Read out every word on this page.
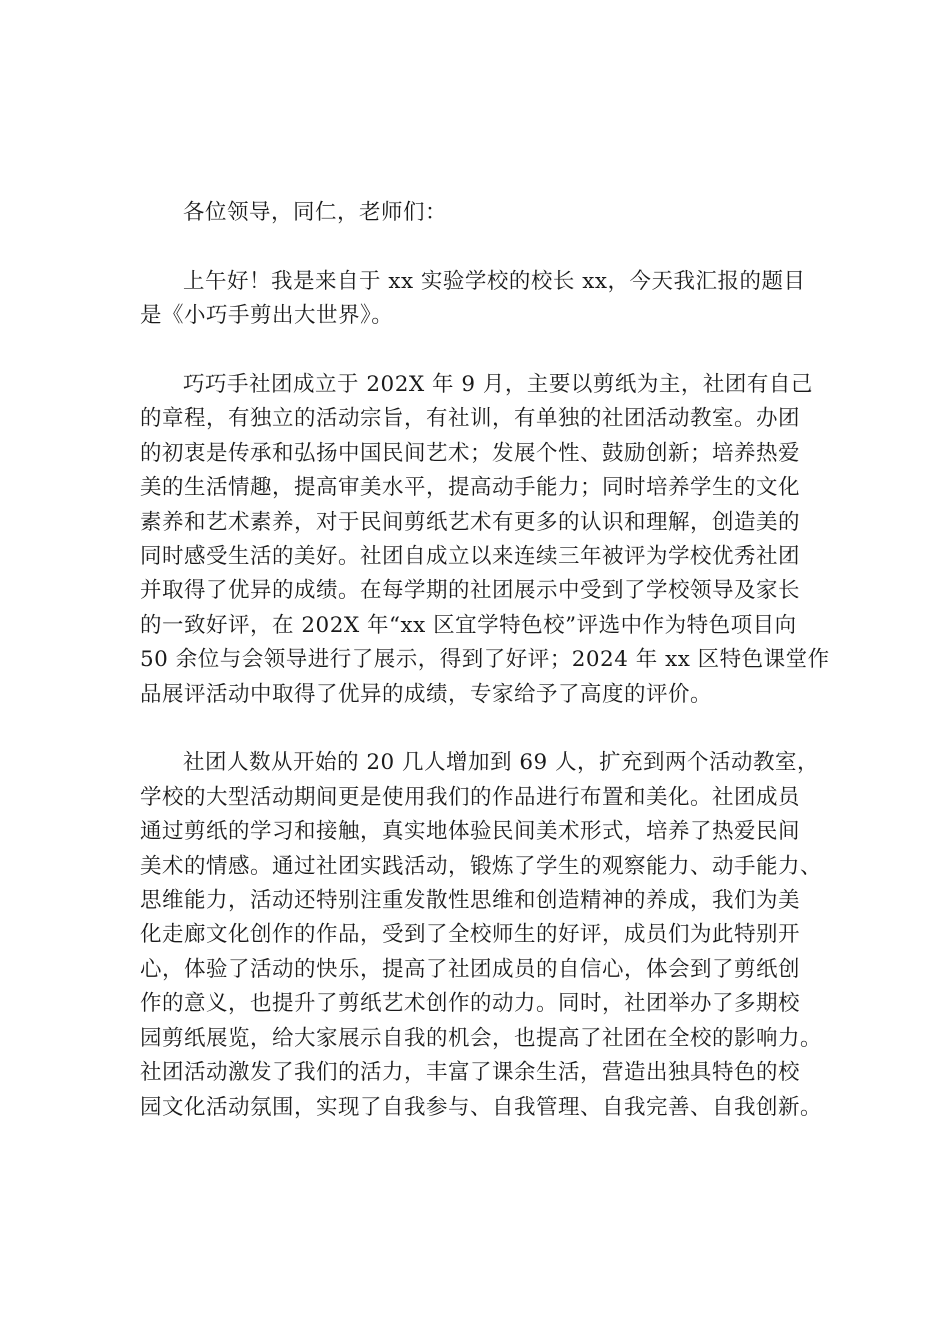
各位领导，同仁，老师们：

上午好！我是来自于 xx 实验学校的校长 xx，今天我汇报的题目
是《小巧手剪出大世界》。

巧巧手社团成立于 202X 年 9 月，主要以剪纸为主，社团有自己
的章程，有独立的活动宗旨，有社训，有单独的社团活动教室。办团
的初衷是传承和弘扬中国民间艺术；发展个性、鼓励创新；培养热爱
美的生活情趣，提高审美水平，提高动手能力；同时培养学生的文化
素养和艺术素养，对于民间剪纸艺术有更多的认识和理解，创造美的
同时感受生活的美好。社团自成立以来连续三年被评为学校优秀社团
并取得了优异的成绩。在每学期的社团展示中受到了学校领导及家长
的一致好评，在 202X 年“xx 区宜学特色校”评选中作为特色项目向
50 余位与会领导进行了展示，得到了好评；2024 年 xx 区特色课堂作
品展评活动中取得了优异的成绩，专家给予了高度的评价。

社团人数从开始的 20 几人增加到 69 人，扩充到两个活动教室，
学校的大型活动期间更是使用我们的作品进行布置和美化。社团成员
通过剪纸的学习和接触，真实地体验民间美术形式，培养了热爱民间
美术的情感。通过社团实践活动，锻炼了学生的观察能力、动手能力、
思维能力，活动还特别注重发散性思维和创造精神的养成，我们为美
化走廊文化创作的作品，受到了全校师生的好评，成员们为此特别开
心，体验了活动的快乐，提高了社团成员的自信心，体会到了剪纸创
作的意义，也提升了剪纸艺术创作的动力。同时，社团举办了多期校
园剪纸展览，给大家展示自我的机会，也提高了社团在全校的影响力。
社团活动激发了我们的活力，丰富了课余生活，营造出独具特色的校
园文化活动氛围，实现了自我参与、自我管理、自我完善、自我创新。
